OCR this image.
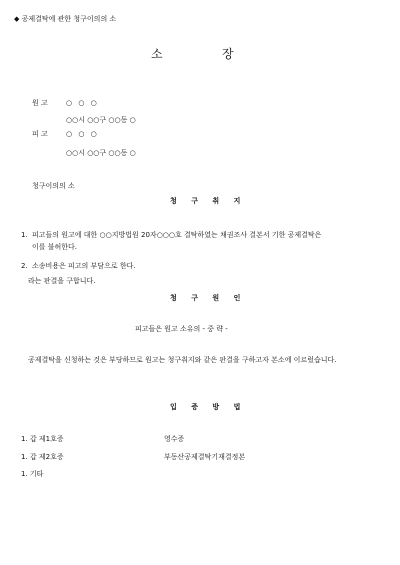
◆ 공제결탁에 관한 청구이의의 소
소	장
원 고	○ ○ ○
○○시 ○○구 ○○동 ○
피 고	○ ○ ○
○○시 ○○구 ○○동 ○
청구이의의 소
청 구 취 지
1. 피고들의 원고에 대한 ○○지방법원 20자○○○호 결탁하였는 채권조사 결본서 기한 공제결탁은
이를 불허한다.
2. 소송비용은 피고의 부담으로 한다.
라는 판결을 구합니다.
청 구 원 인
피고들은 원고 소유의 - 중 략 -
공제결탁을 신청하는 것은 부당하므로 원고는 청구취지와 같은 판결을 구하고자 본소에 이르렀습니다.
입 증 방 법
1. 갑 제1호증	영수증
1. 갑 제2호증	부동산공제결탁기재결정본
1. 기타
